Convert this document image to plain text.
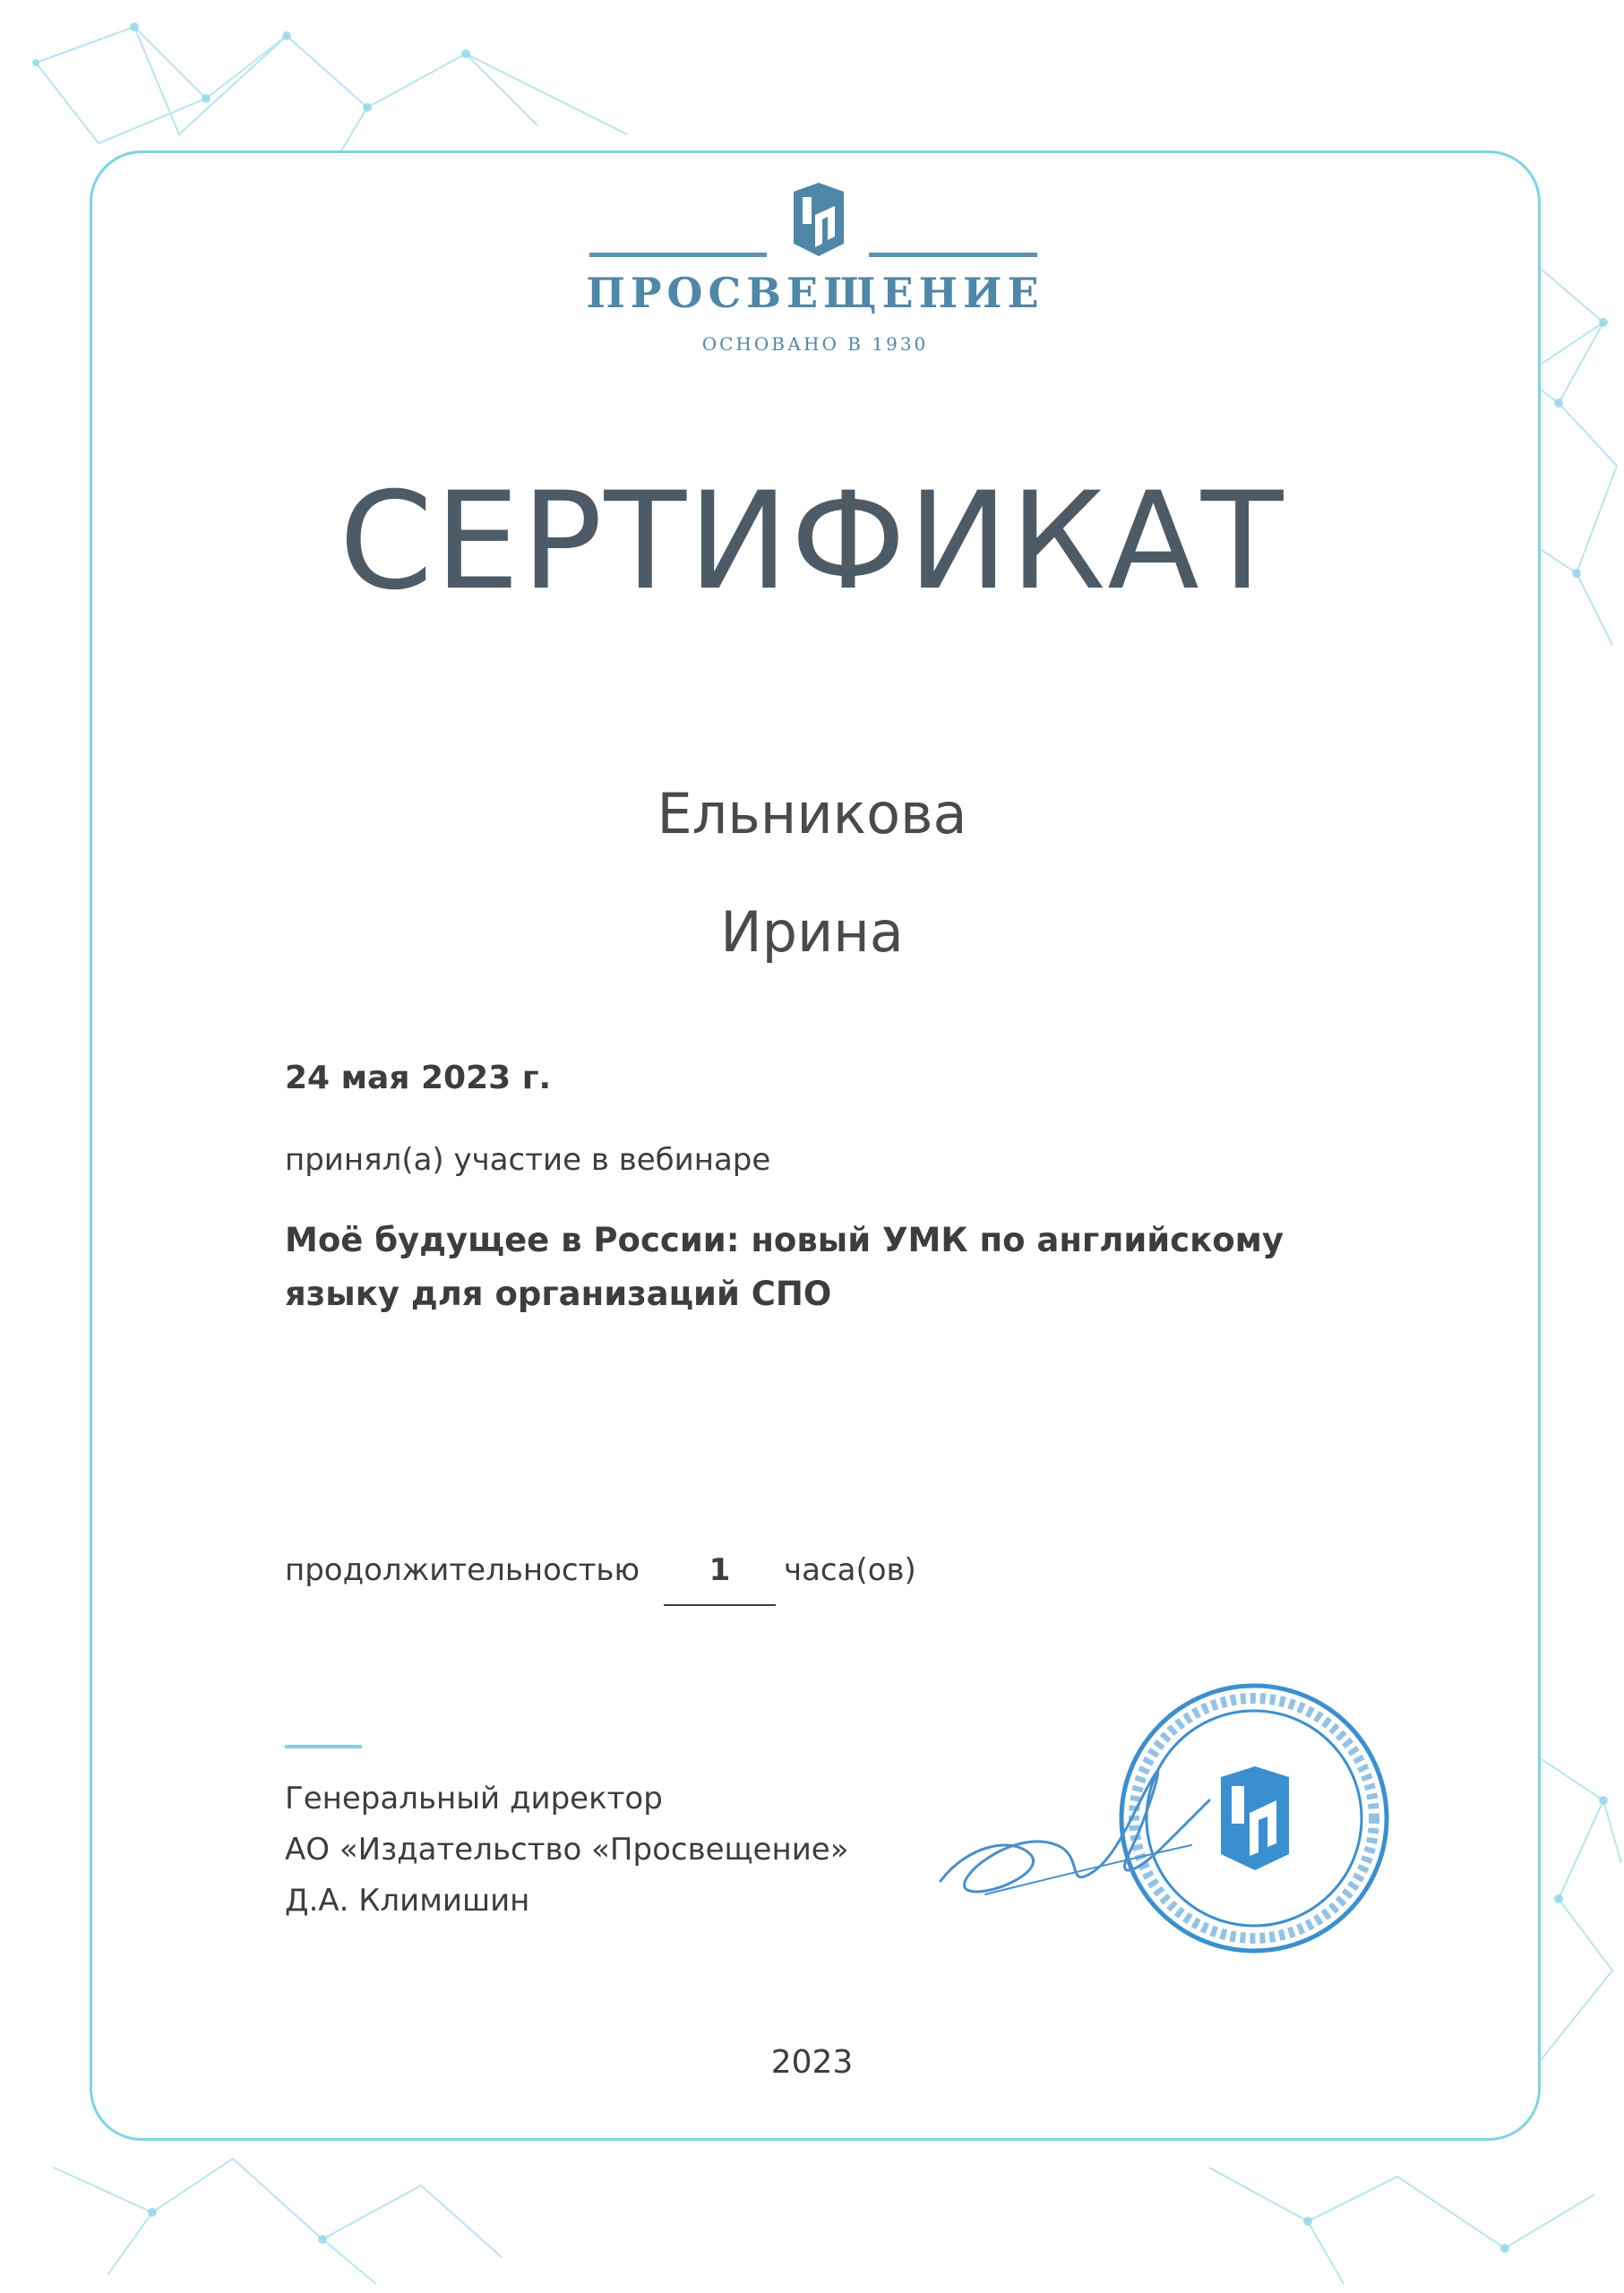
ПРОСВЕЩЕНИЕ
ОСНОВАНО В 1930
СЕРТИФИКАТ
Ельникова
Ирина
24 мая 2023 г.
принял(а) участие в вебинаре
Моё будущее в России: новый УМК по английскому
языку для организаций СПО
продолжительностью	1	часа(ов)
Генеральный директор
АО «Издательство «Просвещение»
Д.А. Климишин
2023
